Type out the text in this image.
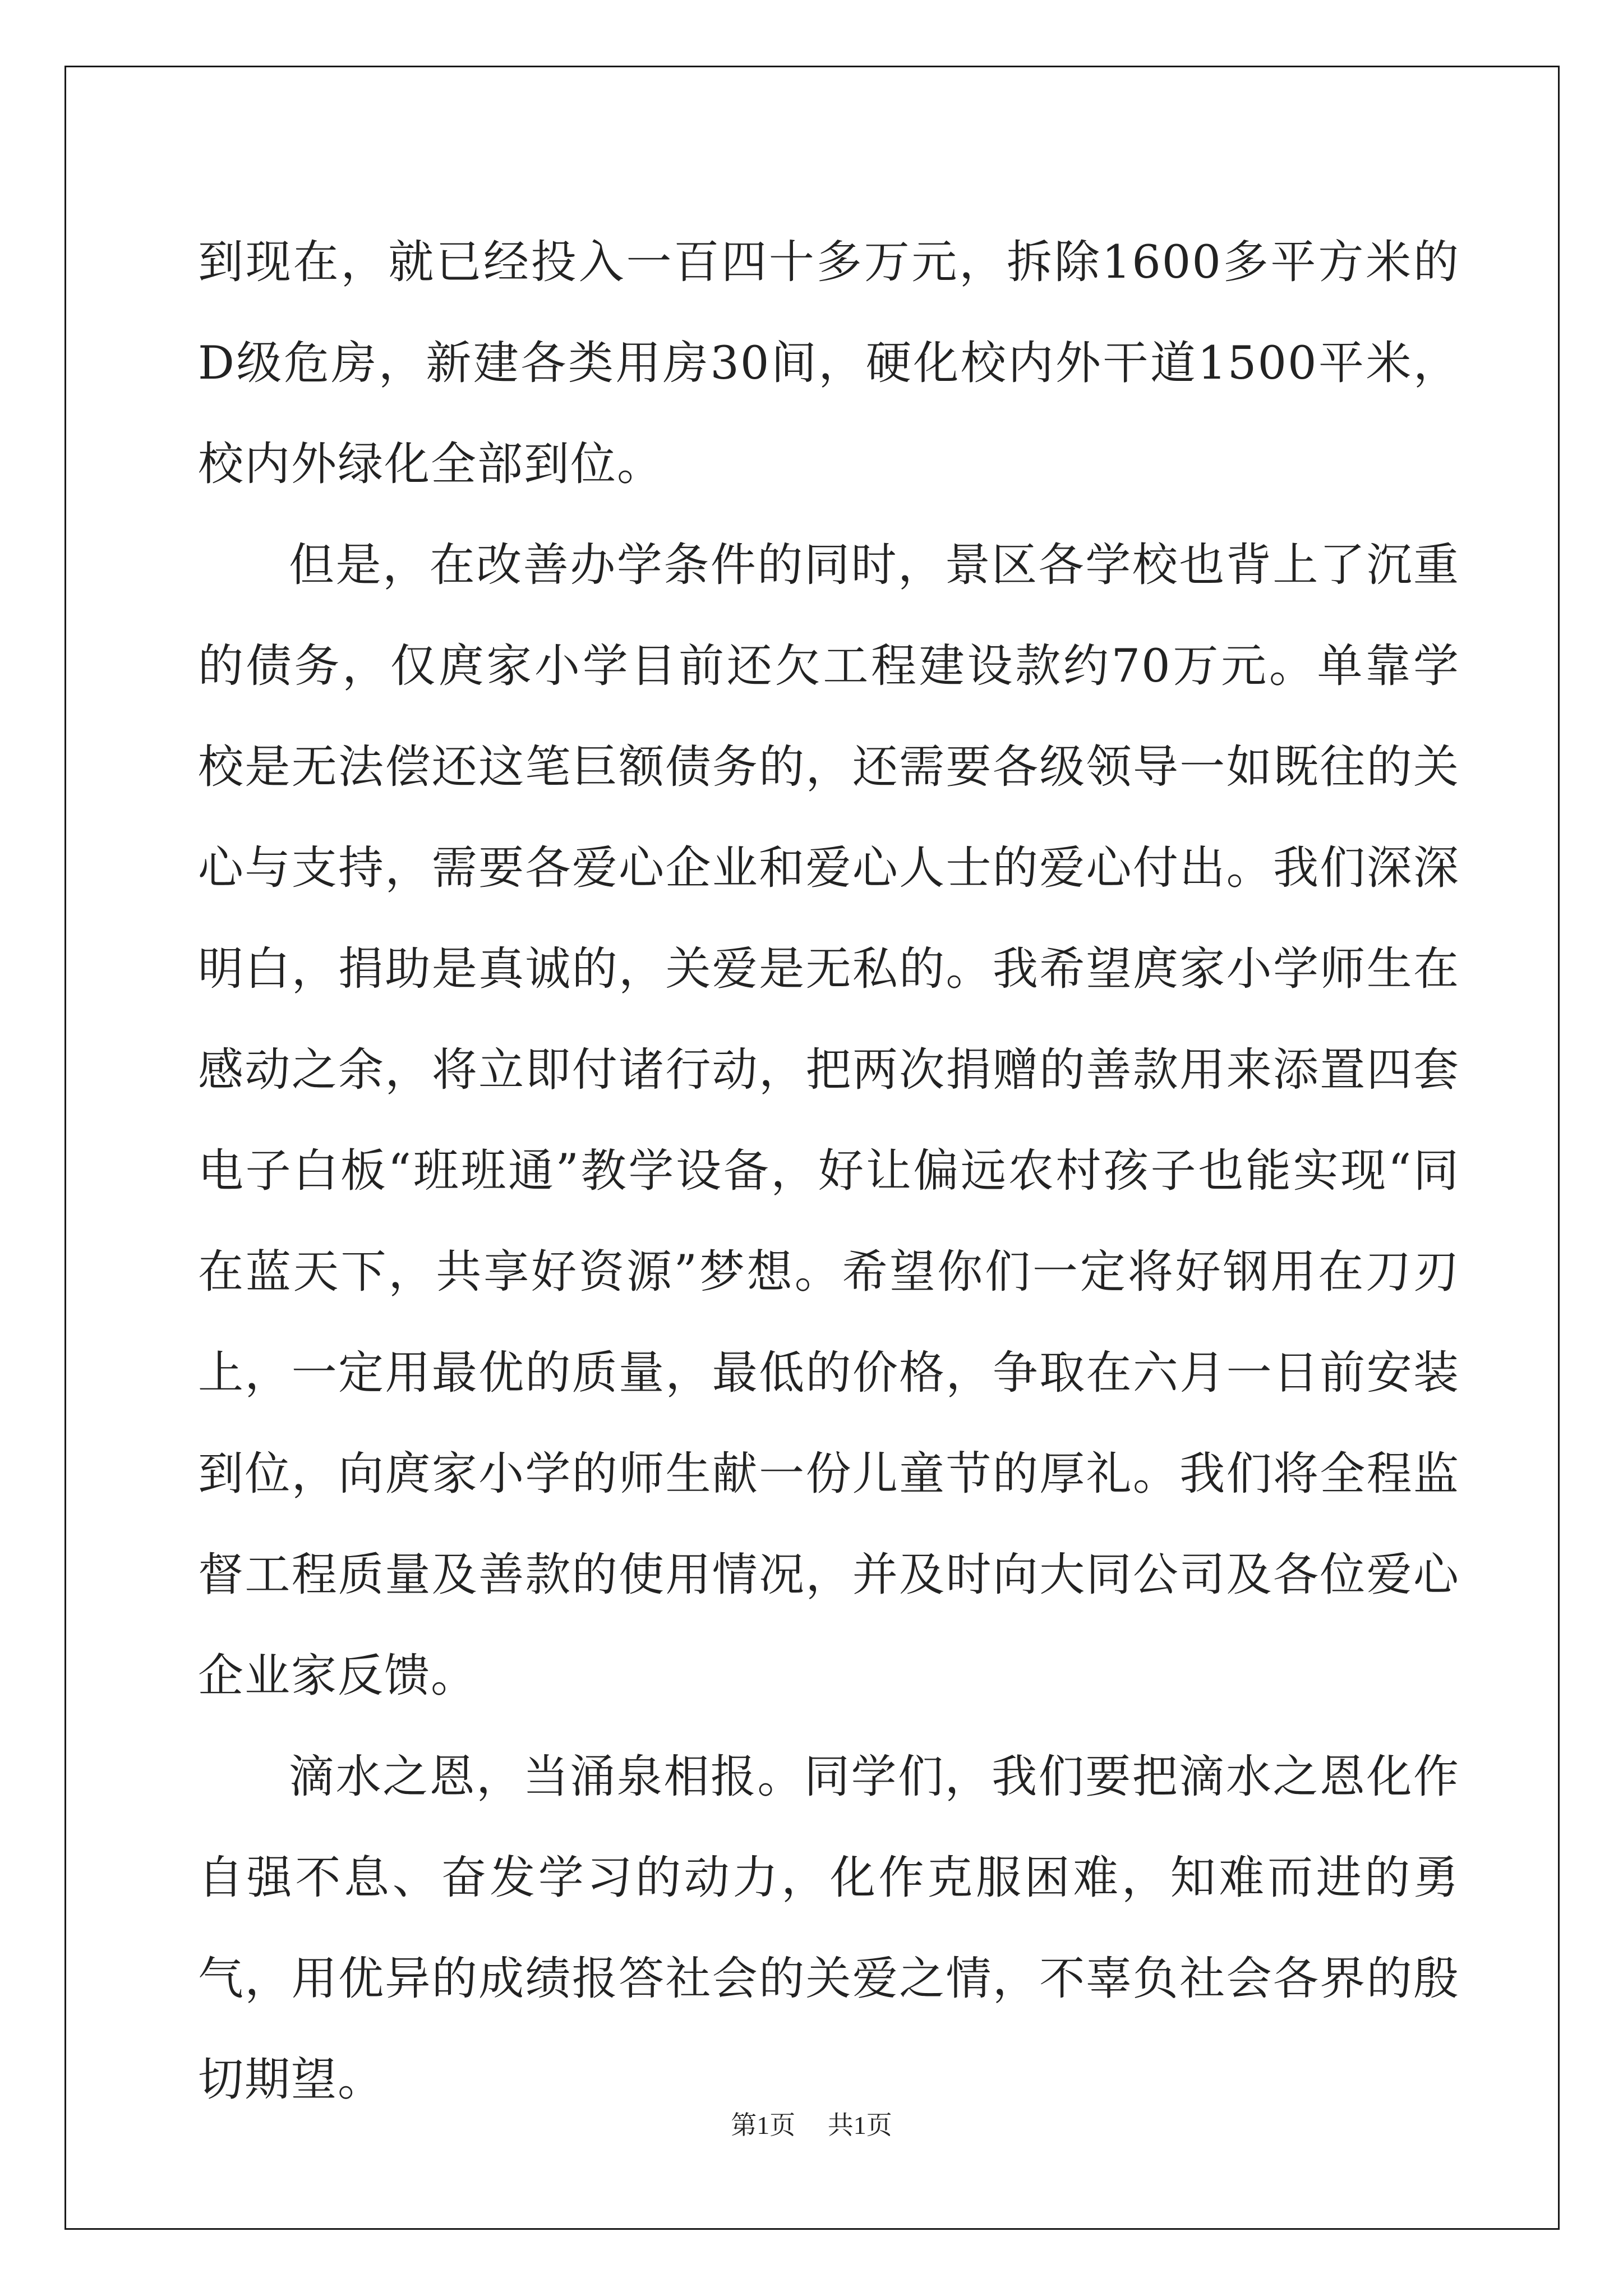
到现在，就已经投入一百四十多万元，拆除1600多平方米的D级危房，新建各类用房30间，硬化校内外干道1500平米，校内外绿化全部到位。

但是，在改善办学条件的同时，景区各学校也背上了沉重的债务，仅庹家小学目前还欠工程建设款约70万元。单靠学校是无法偿还这笔巨额债务的，还需要各级领导一如既往的关心与支持，需要各爱心企业和爱心人士的爱心付出。我们深深明白，捐助是真诚的，关爱是无私的。我希望庹家小学师生在感动之余，将立即付诸行动，把两次捐赠的善款用来添置四套电子白板“班班通”教学设备，好让偏远农村孩子也能实现“同在蓝天下，共享好资源”梦想。希望你们一定将好钢用在刀刃上，一定用最优的质量，最低的价格，争取在六月一日前安装到位，向庹家小学的师生献一份儿童节的厚礼。我们将全程监督工程质量及善款的使用情况，并及时向大同公司及各位爱心企业家反馈。

滴水之恩，当涌泉相报。同学们，我们要把滴水之恩化作自强不息、奋发学习的动力，化作克服困难，知难而进的勇气，用优异的成绩报答社会的关爱之情，不辜负社会各界的殷切期望。

第1页 共1页
